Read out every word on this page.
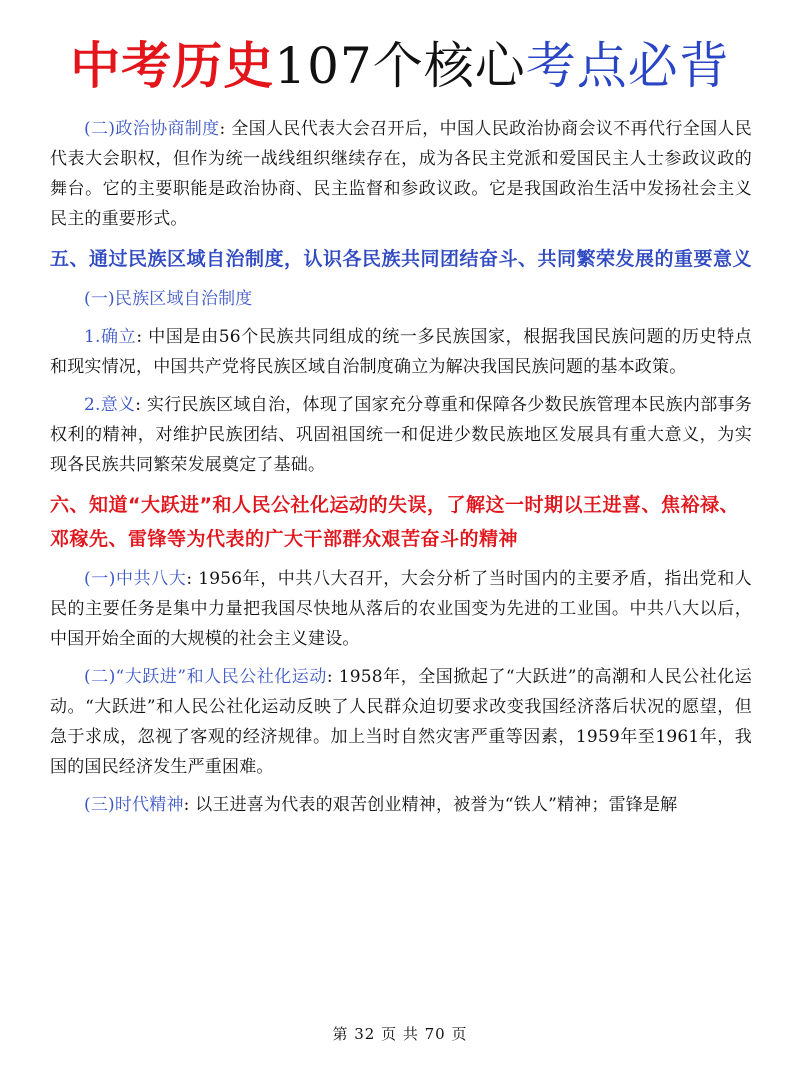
中考历史107个核心考点必背

(二)政治协商制度: 全国人民代表大会召开后，中国人民政治协商会议不再代行全国人民代表大会职权，但作为统一战线组织继续存在，成为各民主党派和爱国民主人士参政议政的舞台。它的主要职能是政治协商、民主监督和参政议政。它是我国政治生活中发扬社会主义民主的重要形式。

五、通过民族区域自治制度，认识各民族共同团结奋斗、共同繁荣发展的重要意义

(一)民族区域自治制度

1.确立: 中国是由56个民族共同组成的统一多民族国家，根据我国民族问题的历史特点和现实情况，中国共产党将民族区域自治制度确立为解决我国民族问题的基本政策。

2.意义: 实行民族区域自治，体现了国家充分尊重和保障各少数民族管理本民族内部事务权利的精神，对维护民族团结、巩固祖国统一和促进少数民族地区发展具有重大意义，为实现各民族共同繁荣发展奠定了基础。

六、知道“大跃进”和人民公社化运动的失误，了解这一时期以王进喜、焦裕禄、邓稼先、雷锋等为代表的广大干部群众艰苦奋斗的精神

(一)中共八大: 1956年，中共八大召开，大会分析了当时国内的主要矛盾，指出党和人民的主要任务是集中力量把我国尽快地从落后的农业国变为先进的工业国。中共八大以后，中国开始全面的大规模的社会主义建设。

(二)“大跃进”和人民公社化运动: 1958年，全国掀起了“大跃进”的高潮和人民公社化运动。“大跃进”和人民公社化运动反映了人民群众迫切要求改变我国经济落后状况的愿望，但急于求成，忽视了客观的经济规律。加上当时自然灾害严重等因素，1959年至1961年，我国的国民经济发生严重困难。

(三)时代精神: 以王进喜为代表的艰苦创业精神，被誉为“铁人”精神；雷锋是解

第 32 页 共 70 页
